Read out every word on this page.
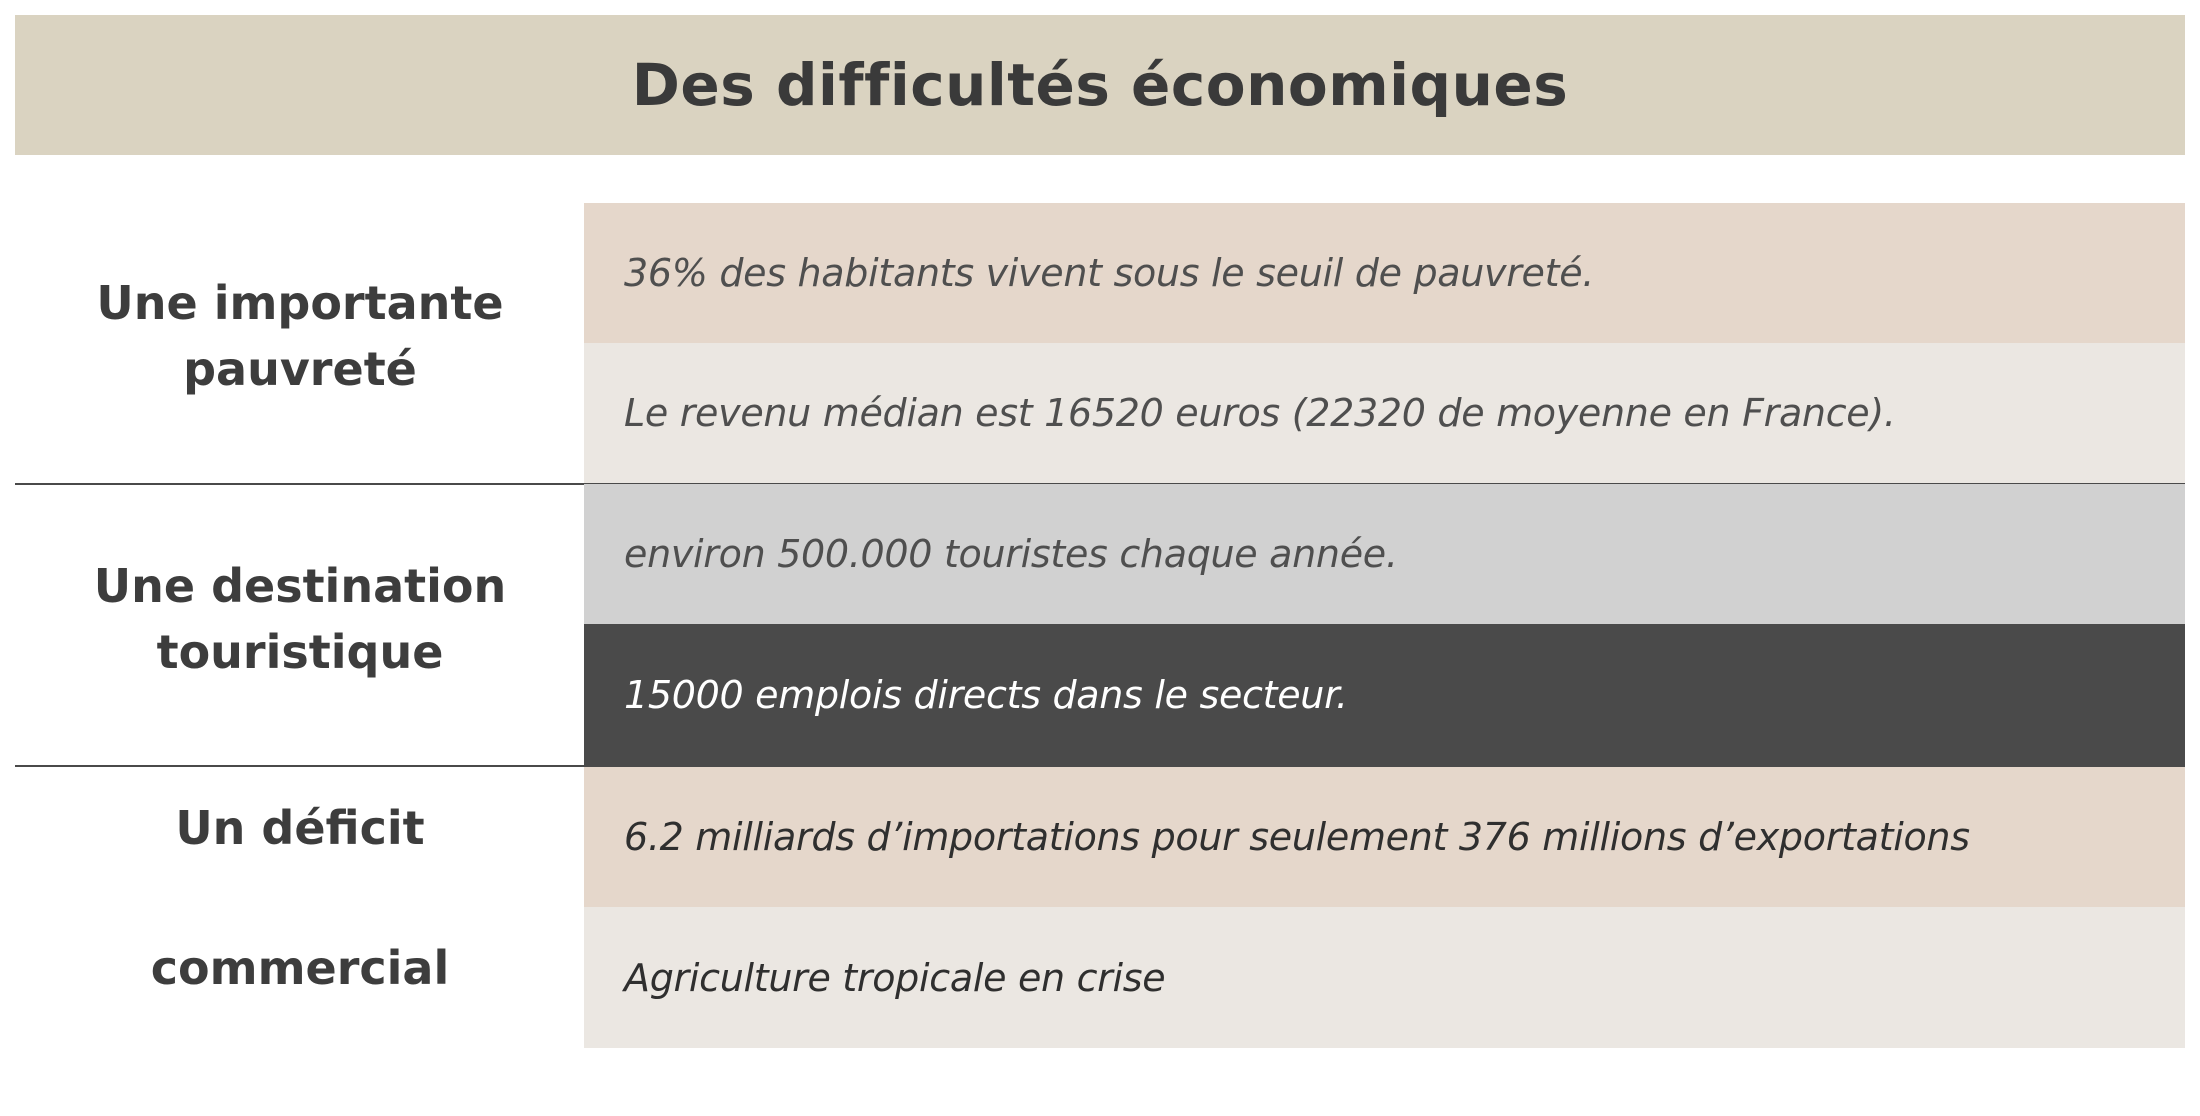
Des difficultés économiques
Une importante
pauvreté
36% des habitants vivent sous le seuil de pauvreté.
Le revenu médian est 16520 euros (22320 de moyenne en France).
Une destination
touristique
environ 500.000 touristes chaque année.
15000 emplois directs dans le secteur.
Un déficit
commercial
6.2 milliards d’importations pour seulement 376 millions d’exportations
Agriculture tropicale en crise
